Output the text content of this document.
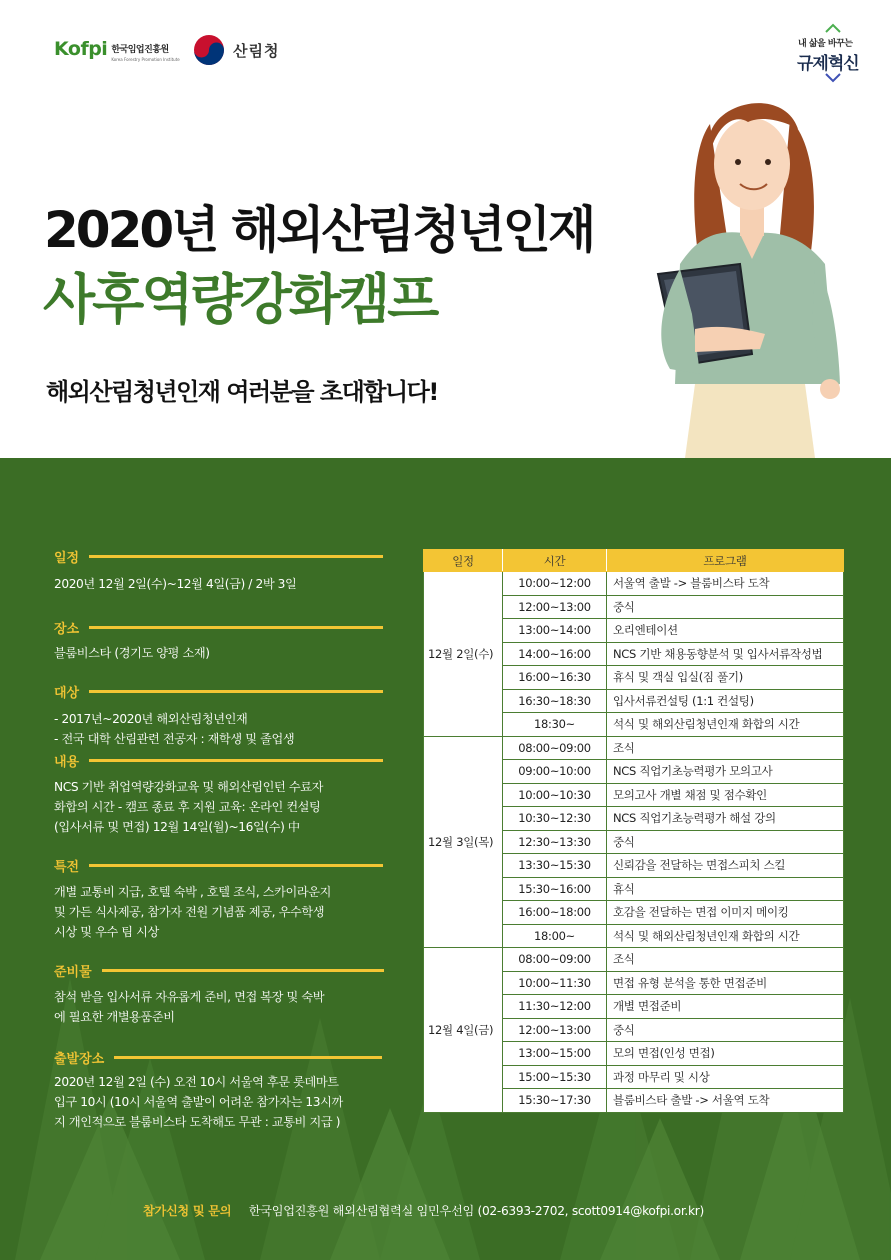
Kofpi 한국임업진흥원
Korea Forestry Promotion Institute	산림청	내 삶을 바꾸는
규제혁신
2020년 해외산림청년인재
사후역량강화캠프
해외산림청년인재 여러분을 초대합니다!
일정

2020년 12월 2일(수)~12월 4일(금) / 2박 3일

장소

블룸비스타 (경기도 양평 소재)

대상

- 2017년~2020년 해외산림청년인재

- 전국 대학 산림관련 전공자 : 재학생 및 졸업생

내용

NCS 기반 취업역량강화교육 및 해외산림인턴 수료자

화합의 시간 - 캠프 종료 후 지원 교육: 온라인 컨설팅

(입사서류 및 면접) 12월 14일(월)~16일(수) 中

특전

개별 교통비 지급, 호텔 숙박 , 호텔 조식, 스카이라운지

및 가든 식사제공, 참가자 전원 기념품 제공, 우수학생

시상 및 우수 팀 시상

준비물

참석 받을 입사서류 자유롭게 준비, 면접 복장 및 숙박

에 필요한 개별용품준비

출발장소

2020년 12월 2일 (수) 오전 10시 서울역 후문 롯데마트

입구 10시 (10시 서울역 출발이 어려운 참가자는 13시까

지 개인적으로 블룸비스타 도착해도 무관 : 교통비 지급 )

일정	시간	프로그램
12월 2일(수)	10:00~12:00	서울역 출발 -> 블룸비스타 도착
	12:00~13:00	중식
	13:00~14:00	오리엔테이션
	14:00~16:00	NCS 기반 채용동향분석 및 입사서류작성법
	16:00~16:30	휴식 및 객실 입실(짐 풀기)
	16:30~18:30	입사서류컨설팅 (1:1 컨설팅)
	18:30~	석식 및 해외산림청년인재 화합의 시간
12월 3일(목)	08:00~09:00	조식
	09:00~10:00	NCS 직업기초능력평가 모의고사
	10:00~10:30	모의고사 개별 채점 및 점수확인
	10:30~12:30	NCS 직업기초능력평가 해설 강의
	12:30~13:30	중식
	13:30~15:30	신뢰감을 전달하는 면접스피치 스킬
	15:30~16:00	휴식
	16:00~18:00	호감을 전달하는 면접 이미지 메이킹
	18:00~	석식 및 해외산림청년인재 화합의 시간
12월 4일(금)	08:00~09:00	조식
	10:00~11:30	면접 유형 분석을 통한 면접준비
	11:30~12:00	개별 면접준비
	12:00~13:00	중식
	13:00~15:00	모의 면접(인성 면접)
	15:00~15:30	과정 마무리 및 시상
	15:30~17:30	블룸비스타 출발 -> 서울역 도착
참가신청 및 문의 한국임업진흥원 해외산림협력실 임민우선임 (02-6393-2702, scott0914@kofpi.or.kr)
